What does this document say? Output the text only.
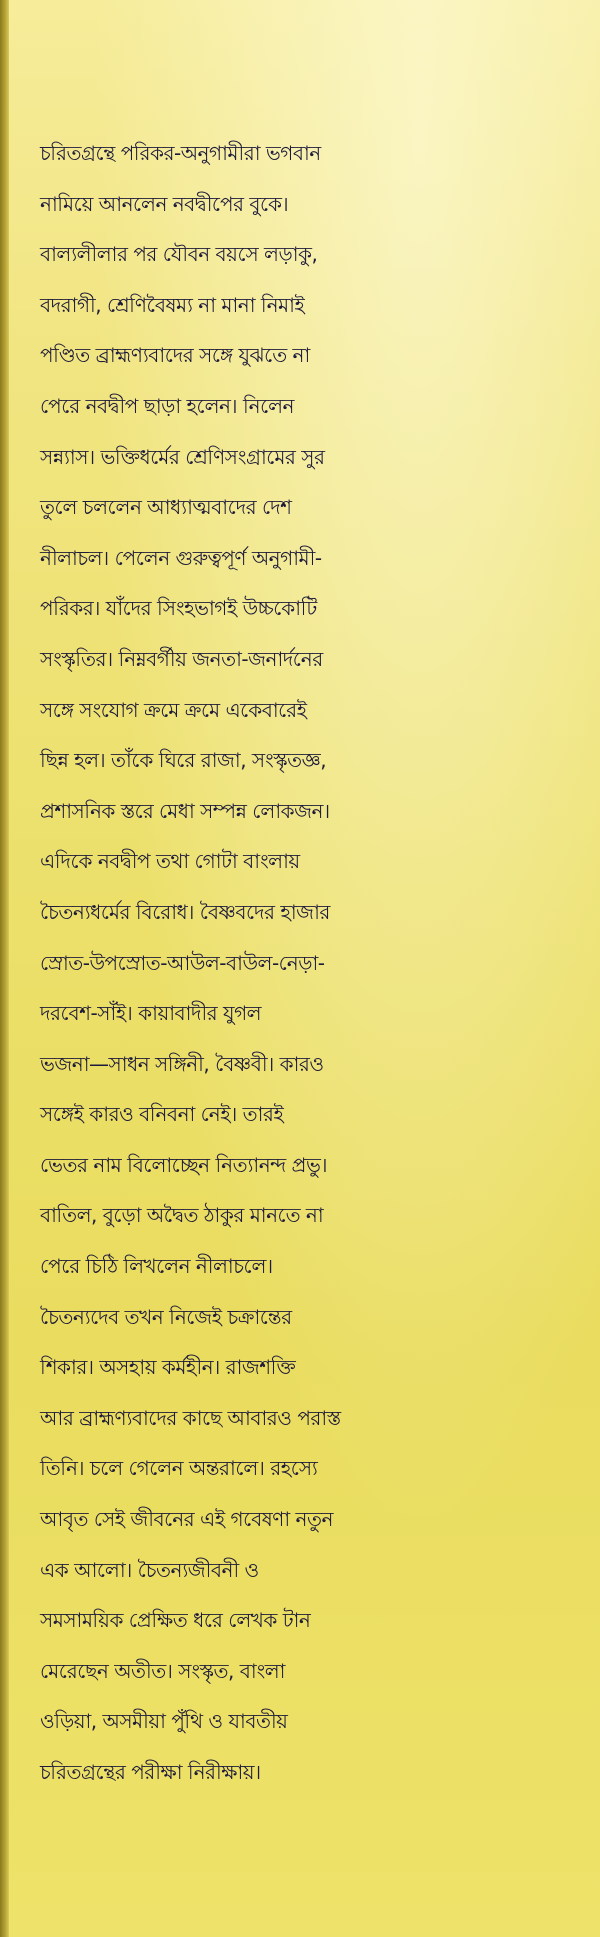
চরিতগ্রন্থে পরিকর-অনুগামীরা ভগবান
নামিয়ে আনলেন নবদ্বীপের বুকে।
বাল্যলীলার পর যৌবন বয়সে লড়াকু,
বদরাগী, শ্রেণিবৈষম্য না মানা নিমাই
পণ্ডিত ব্রাহ্মণ্যবাদের সঙ্গে যুঝতে না
পেরে নবদ্বীপ ছাড়া হলেন। নিলেন
সন্ন্যাস। ভক্তিধর্মের শ্রেণিসংগ্রামের সুর
তুলে চললেন আধ্যাত্মবাদের দেশ
নীলাচল। পেলেন গুরুত্বপূর্ণ অনুগামী-
পরিকর। যাঁদের সিংহভাগই উচ্চকোটি
সংস্কৃতির। নিম্নবর্গীয় জনতা-জনার্দনের
সঙ্গে সংযোগ ক্রমে ক্রমে একেবারেই
ছিন্ন হল। তাঁকে ঘিরে রাজা, সংস্কৃতজ্ঞ,
প্রশাসনিক স্তরে মেধা সম্পন্ন লোকজন।
এদিকে নবদ্বীপ তথা গোটা বাংলায়
চৈতন্যধর্মের বিরোধ। বৈষ্ণবদের হাজার
স্রোত-উপস্রোত-আউল-বাউল-নেড়া-
দরবেশ-সাঁই। কায়াবাদীর যুগল
ভজনা—সাধন সঙ্গিনী, বৈষ্ণবী। কারও
সঙ্গেই কারও বনিবনা নেই। তারই
ভেতর নাম বিলোচ্ছেন নিত্যানন্দ প্রভু।
বাতিল, বুড়ো অদ্বৈত ঠাকুর মানতে না
পেরে চিঠি লিখলেন নীলাচলে।
চৈতন্যদেব তখন নিজেই চক্রান্তের
শিকার। অসহায় কর্মহীন। রাজশক্তি
আর ব্রাহ্মণ্যবাদের কাছে আবারও পরাস্ত
তিনি। চলে গেলেন অন্তরালে। রহস্যে
আবৃত সেই জীবনের এই গবেষণা নতুন
এক আলো। চৈতন্যজীবনী ও
সমসাময়িক প্রেক্ষিত ধরে লেখক টান
মেরেছেন অতীত। সংস্কৃত, বাংলা
ওড়িয়া, অসমীয়া পুঁথি ও যাবতীয়
চরিতগ্রন্থের পরীক্ষা নিরীক্ষায়।
